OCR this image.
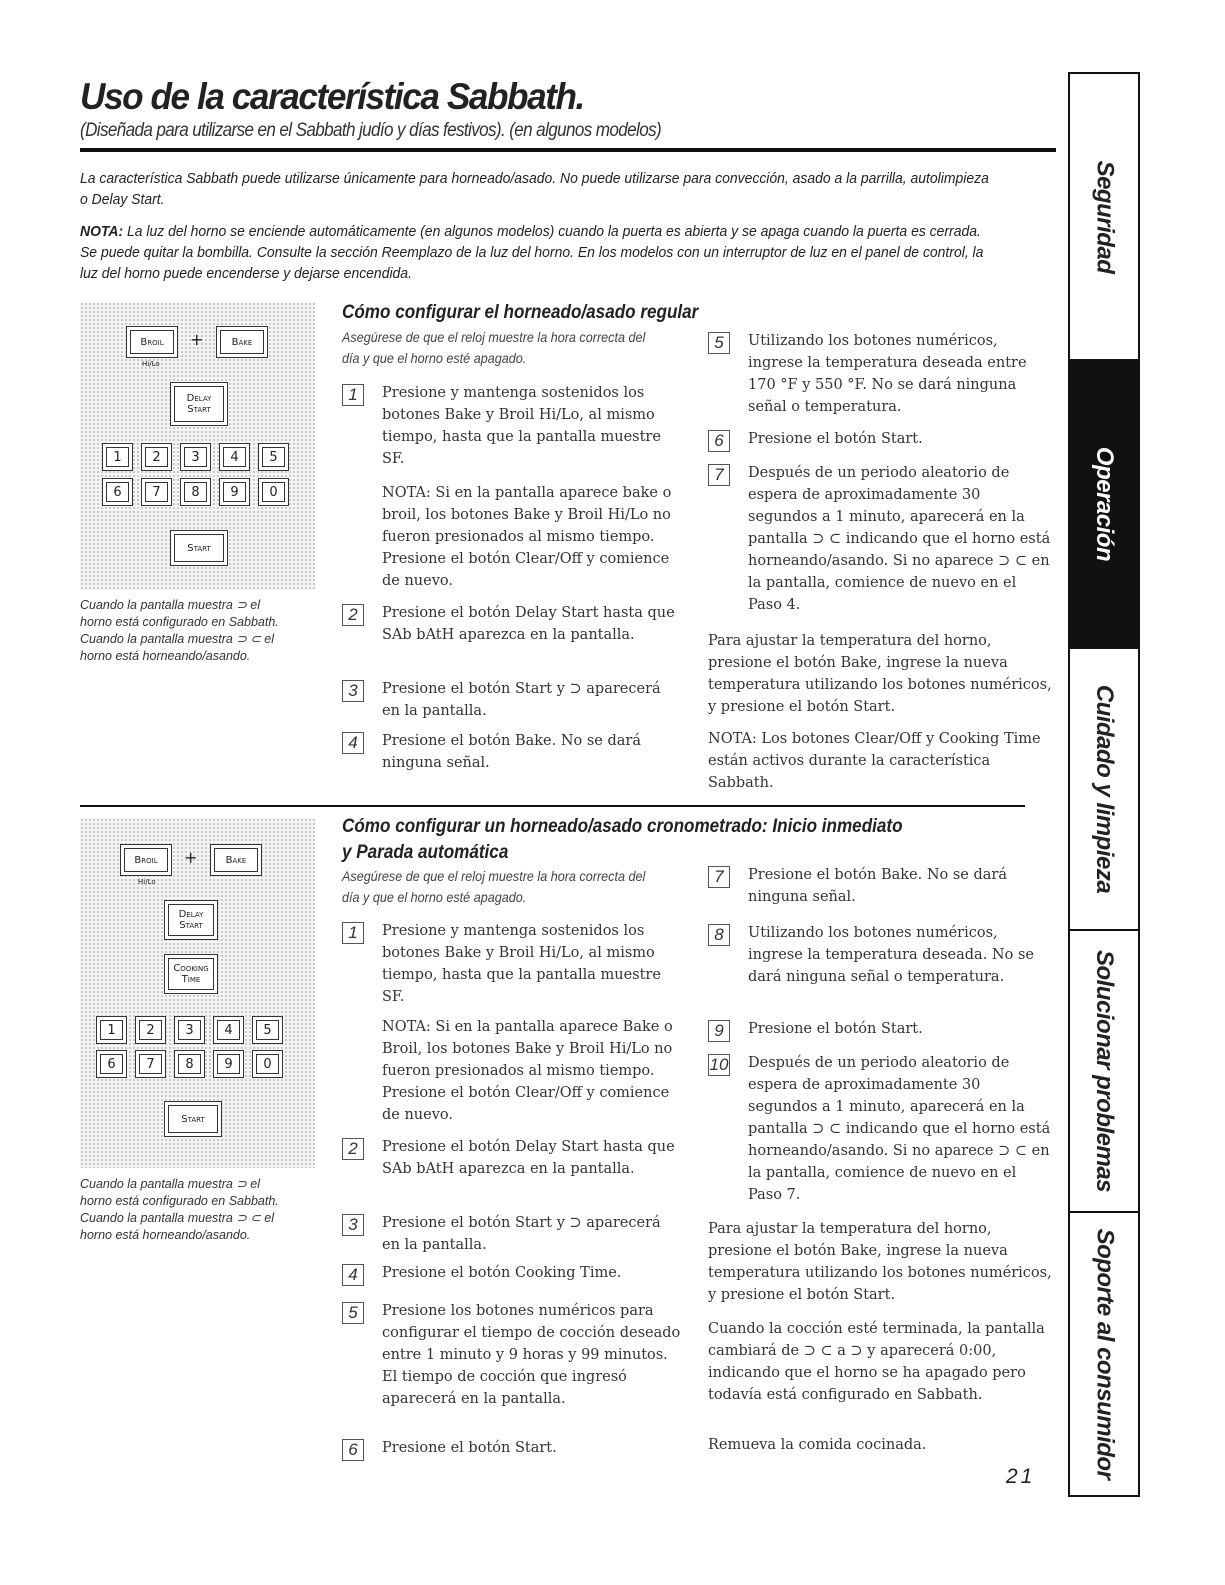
Uso de la característica Sabbath.
(Diseñada para utilizarse en el Sabbath judío y días festivos). (en algunos modelos)
La característica Sabbath puede utilizarse únicamente para horneado/asado. No puede utilizarse para convección, asado a la parrilla, autolimpieza o Delay Start.
NOTA: La luz del horno se enciende automáticamente (en algunos modelos) cuando la puerta es abierta y se apaga cuando la puerta es cerrada. Se puede quitar la bombilla. Consulte la sección Reemplazo de la luz del horno. En los modelos con un interruptor de luz en el panel de control, la luz del horno puede encenderse y dejarse encendida.
Broil +	Bake
Hi/Lo
Delay
Start
1 2 3 4 5
6 7 8 9 0
Start
Cuando la pantalla muestra ⊃ el horno está configurado en Sabbath. Cuando la pantalla muestra ⊃ ⊂ el horno está horneando/asando.
Cómo configurar el horneado/asado regular
Asegúrese de que el reloj muestre la hora correcta del día y que el horno esté apagado.
1	Presione y mantenga sostenidos los botones Bake y Broil Hi/Lo, al mismo tiempo, hasta que la pantalla muestre SF.
NOTA: Si en la pantalla aparece bake o broil, los botones Bake y Broil Hi/Lo no fueron presionados al mismo tiempo. Presione el botón Clear/Off y comience de nuevo.
2	Presione el botón Delay Start hasta que SAb bAtH aparezca en la pantalla.
3	Presione el botón Start y ⊃ aparecerá en la pantalla.
4	Presione el botón Bake. No se dará ninguna señal.
5	Utilizando los botones numéricos, ingrese la temperatura deseada entre 170 °F y 550 °F. No se dará ninguna señal o temperatura.
6	Presione el botón Start.
7	Después de un periodo aleatorio de espera de aproximadamente 30 segundos a 1 minuto, aparecerá en la pantalla ⊃ ⊂ indicando que el horno está horneando/asando. Si no aparece ⊃ ⊂ en la pantalla, comience de nuevo en el Paso 4.
Para ajustar la temperatura del horno, presione el botón Bake, ingrese la nueva temperatura utilizando los botones numéricos, y presione el botón Start.
NOTA: Los botones Clear/Off y Cooking Time están activos durante la característica Sabbath.
Broil +	Bake
Hi/Lo
Delay
Start
Cooking
Time
1 2 3 4 5
6 7 8 9 0
Start
Cuando la pantalla muestra ⊃ el horno está configurado en Sabbath. Cuando la pantalla muestra ⊃ ⊂ el horno está horneando/asando.
Cómo configurar un horneado/asado cronometrado: Inicio inmediato
y Parada automática
Asegúrese de que el reloj muestre la hora correcta del día y que el horno esté apagado.
1	Presione y mantenga sostenidos los botones Bake y Broil Hi/Lo, al mismo tiempo, hasta que la pantalla muestre SF.
NOTA: Si en la pantalla aparece Bake o Broil, los botones Bake y Broil Hi/Lo no fueron presionados al mismo tiempo. Presione el botón Clear/Off y comience de nuevo.
2	Presione el botón Delay Start hasta que SAb bAtH aparezca en la pantalla.
3	Presione el botón Start y ⊃ aparecerá en la pantalla.
4	Presione el botón Cooking Time.
5	Presione los botones numéricos para configurar el tiempo de cocción deseado entre 1 minuto y 9 horas y 99 minutos. El tiempo de cocción que ingresó aparecerá en la pantalla.
6	Presione el botón Start.
7	Presione el botón Bake. No se dará ninguna señal.
8	Utilizando los botones numéricos, ingrese la temperatura deseada. No se dará ninguna señal o temperatura.
9	Presione el botón Start.
10 Después de un periodo aleatorio de espera de aproximadamente 30 segundos a 1 minuto, aparecerá en la pantalla ⊃ ⊂ indicando que el horno está horneando/asando. Si no aparece ⊃ ⊂ en la pantalla, comience de nuevo en el Paso 7.
Para ajustar la temperatura del horno, presione el botón Bake, ingrese la nueva temperatura utilizando los botones numéricos, y presione el botón Start.
Cuando la cocción esté terminada, la pantalla cambiará de ⊃ ⊂ a ⊃ y aparecerá 0:00, indicando que el horno se ha apagado pero todavía está configurado en Sabbath.
Remueva la comida cocinada.
21
Seguridad
Operación
Cuidado y limpieza
Solucionar problemas
Soporte al consumidor
